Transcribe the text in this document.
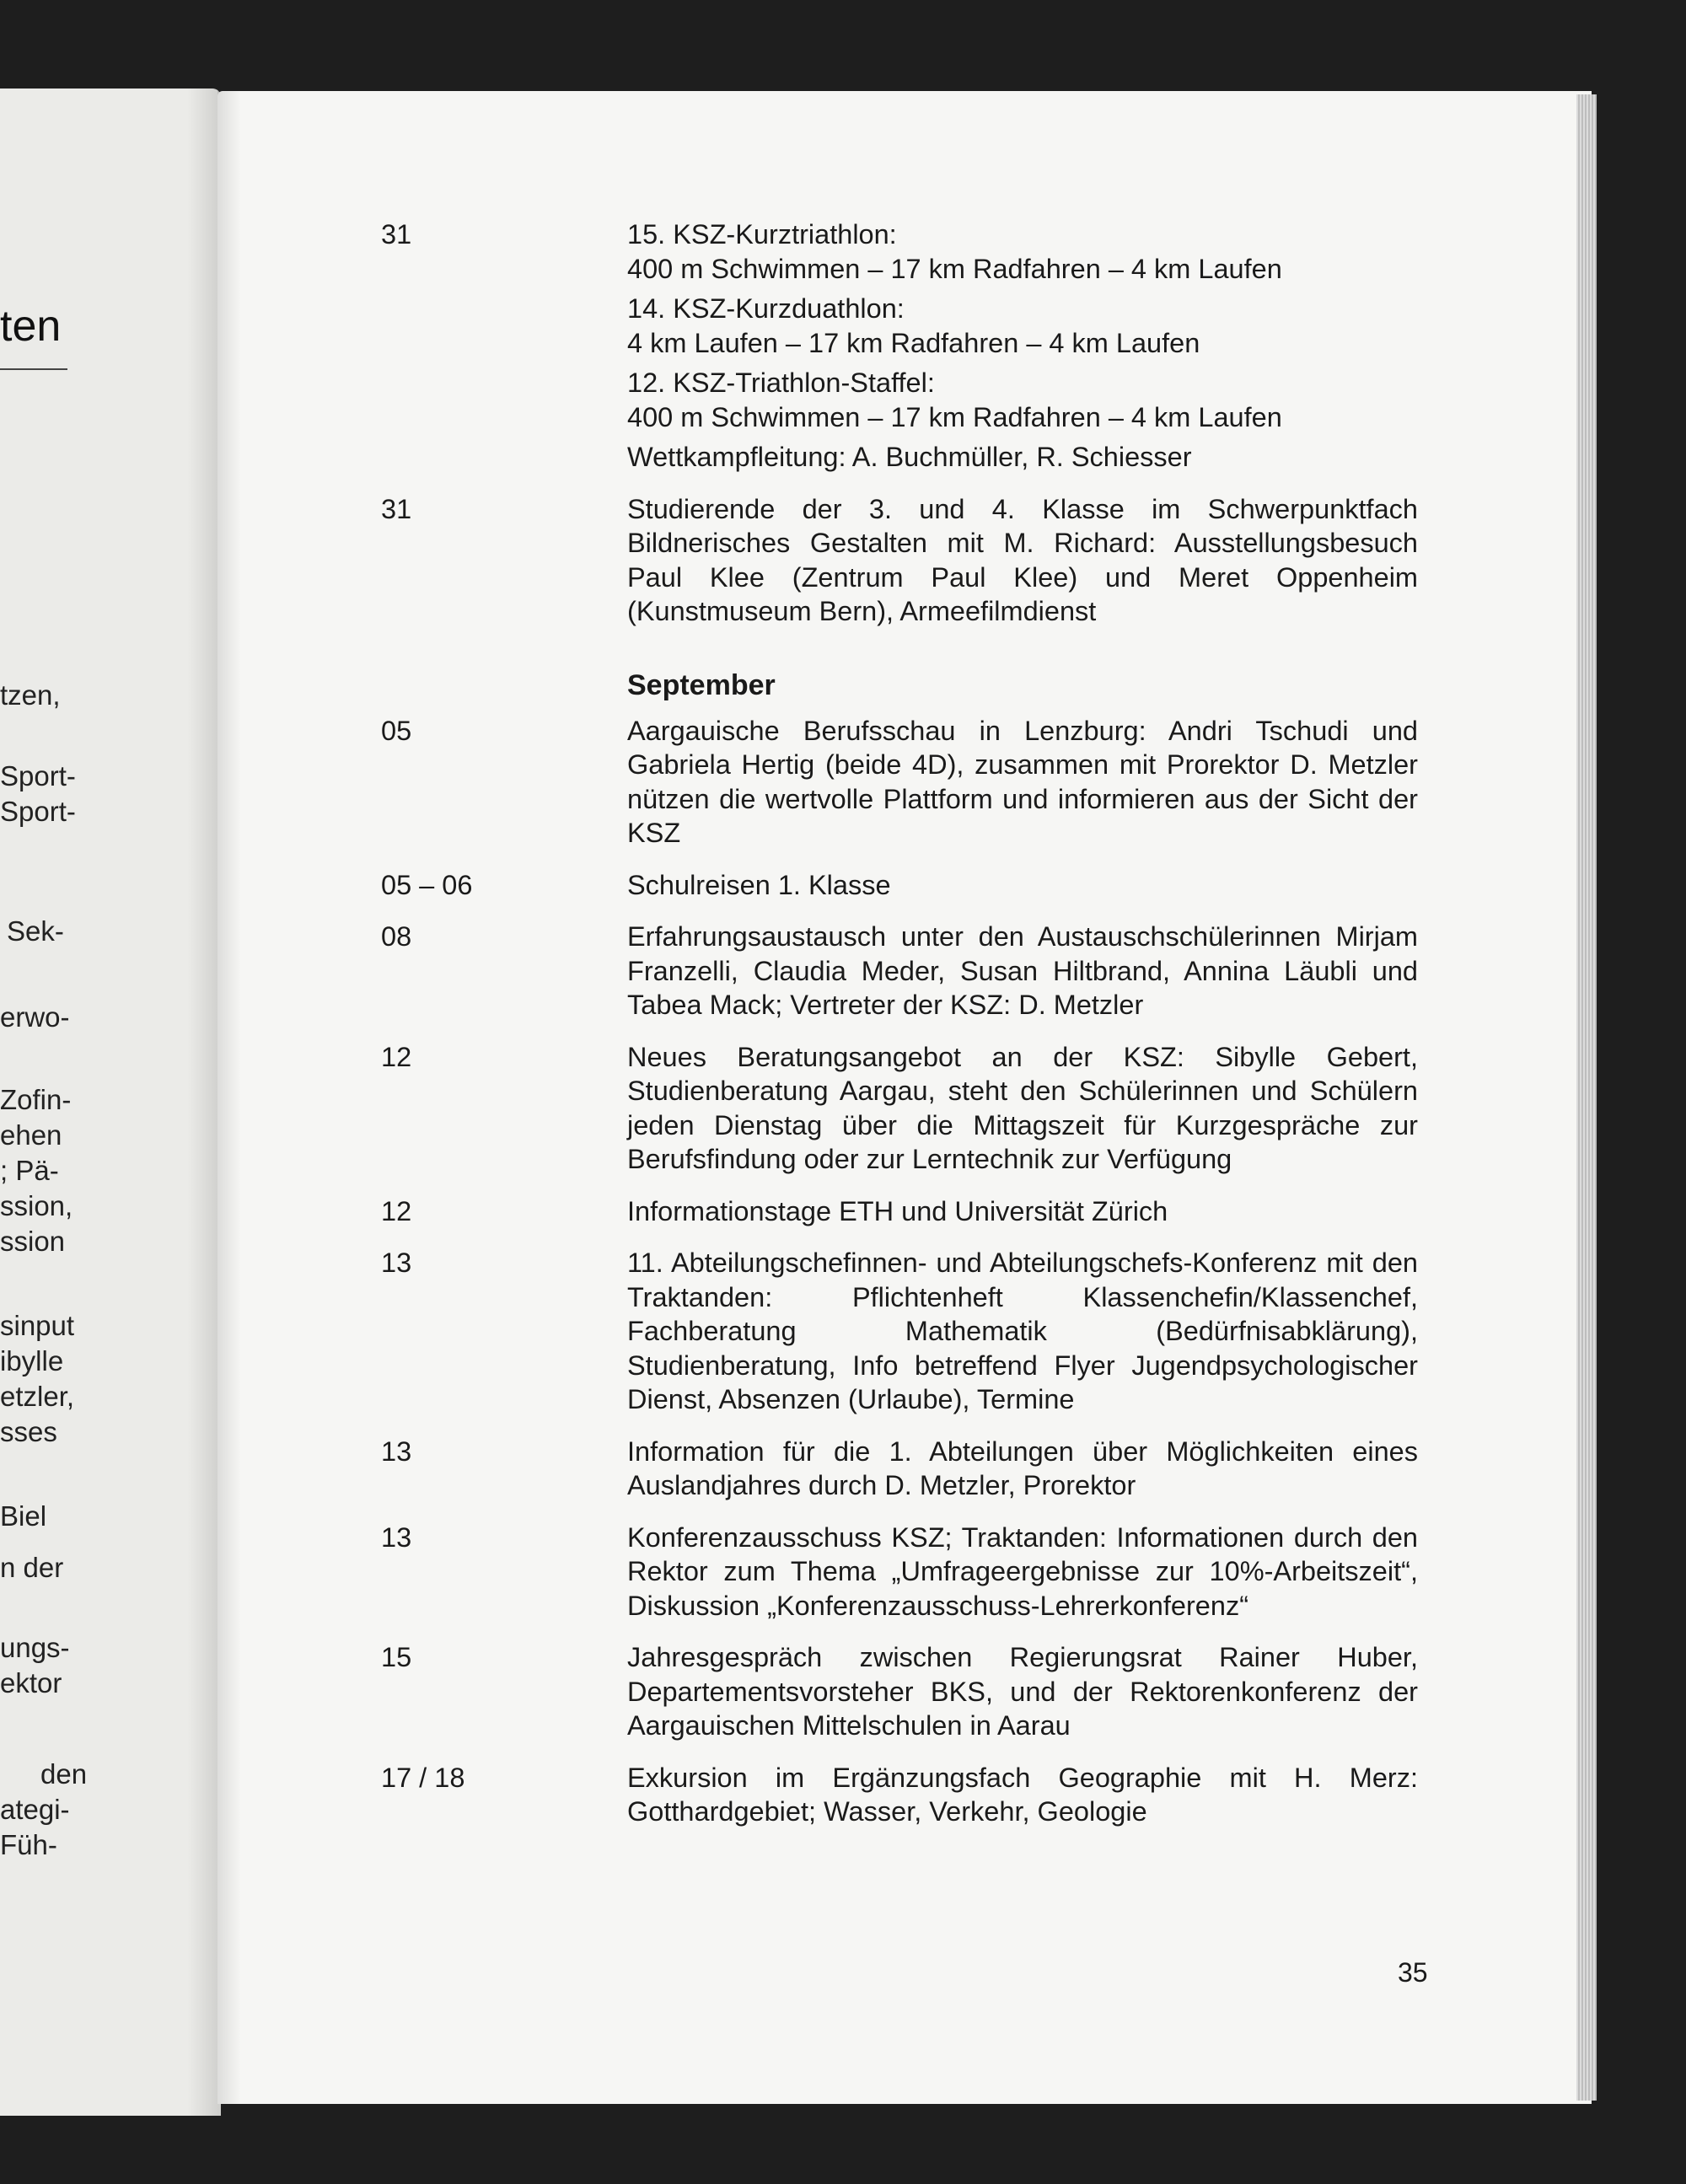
ten
tzen,
Sport-
Sport-
Sek-
erwo-
Zofin-
ehen
; Pä-
ssion,
ssion
sinput
ibylle
etzler,
sses
Biel
n der
ungs-
ektor
den
ategi-
Füh-
31	15. KSZ-Kurztriathlon:
400 m Schwimmen – 17 km Radfahren – 4 km Laufen
14. KSZ-Kurzduathlon:
4 km Laufen – 17 km Radfahren – 4 km Laufen
12. KSZ-Triathlon-Staffel:
400 m Schwimmen – 17 km Radfahren – 4 km Laufen
Wettkampfleitung: A. Buchmüller, R. Schiesser
31	Studierende der 3. und 4. Klasse im Schwerpunktfach Bildnerisches Gestalten mit M. Richard: Ausstellungsbesuch Paul Klee (Zentrum Paul Klee) und Meret Oppenheim (Kunstmuseum Bern), Armeefilmdienst
September
05	Aargauische Berufsschau in Lenzburg: Andri Tschudi und Gabriela Hertig (beide 4D), zusammen mit Prorektor D. Metzler nützen die wertvolle Plattform und informieren aus der Sicht der KSZ
05 – 06	Schulreisen 1. Klasse
08	Erfahrungsaustausch unter den Austauschschülerinnen Mirjam Franzelli, Claudia Meder, Susan Hiltbrand, Annina Läubli und Tabea Mack; Vertreter der KSZ: D. Metzler
12	Neues Beratungsangebot an der KSZ: Sibylle Gebert, Studienberatung Aargau, steht den Schülerinnen und Schülern jeden Dienstag über die Mittagszeit für Kurzgespräche zur Berufsfindung oder zur Lerntechnik zur Verfügung
12	Informationstage ETH und Universität Zürich
13	11. Abteilungschefinnen- und Abteilungschefs-Konferenz mit den Traktanden: Pflichtenheft Klassenchefin/Klassenchef, Fachberatung Mathematik (Bedürfnisabklärung), Studienberatung, Info betreffend Flyer Jugendpsychologischer Dienst, Absenzen (Urlaube), Termine
13	Information für die 1. Abteilungen über Möglichkeiten eines Auslandjahres durch D. Metzler, Prorektor
13	Konferenzausschuss KSZ; Traktanden: Informationen durch den Rektor zum Thema „Umfrageergebnisse zur 10%-Arbeitszeit“, Diskussion „Konferenzausschuss-Lehrerkonferenz“
15	Jahresgespräch zwischen Regierungsrat Rainer Huber, Departementsvorsteher BKS, und der Rektorenkonferenz der Aargauischen Mittelschulen in Aarau
17 / 18	Exkursion im Ergänzungsfach Geographie mit H. Merz: Gotthardgebiet; Wasser, Verkehr, Geologie
35
